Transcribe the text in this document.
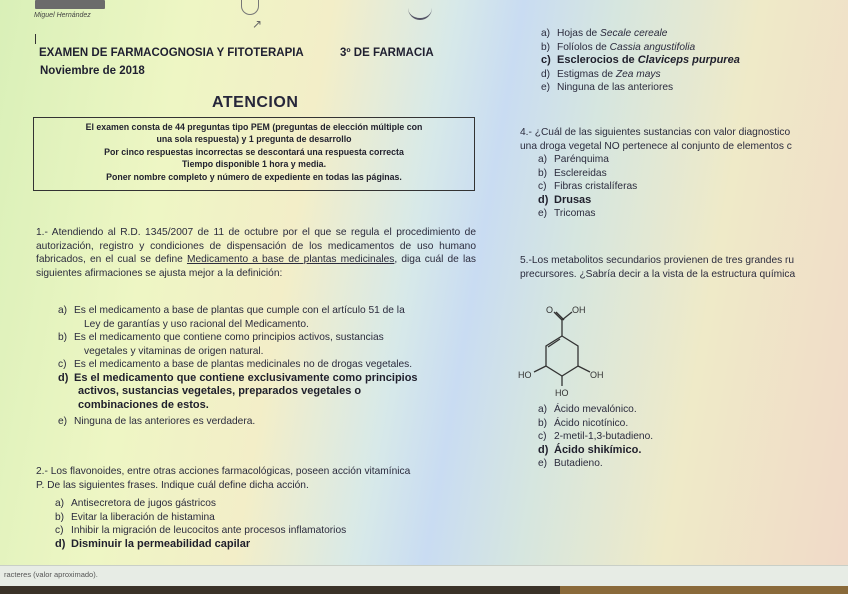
Miguel Hernández
↗
EXAMEN DE FARMACOGNOSIA Y FITOTERAPIA	3º DE FARMACIA
Noviembre de 2018
ATENCION
El examen consta de 44 preguntas tipo PEM (preguntas de elección múltiple con
una sola respuesta) y 1 pregunta de desarrollo
Por cinco respuestas incorrectas se descontará una respuesta correcta
Tiempo disponible 1 hora y media.
Poner nombre completo y número de expediente en todas las páginas.
1.- Atendiendo al R.D. 1345/2007 de 11 de octubre por el que se regula el procedimiento de autorización, registro y condiciones de dispensación de los medicamentos de uso humano fabricados, en el cual se define Medicamento a base de plantas medicinales, diga cuál de las siguientes afirmaciones se ajusta mejor a la definición:
a) Es el medicamento a base de plantas que cumple con el artículo 51 de la
Ley de garantías y uso racional del Medicamento.
b) Es el medicamento que contiene como principios activos, sustancias
vegetales y vitaminas de origen natural.
c) Es el medicamento a base de plantas medicinales no de drogas vegetales.
d) Es el medicamento que contiene exclusivamente como principios
activos, sustancias vegetales, preparados vegetales o
combinaciones de estos.
e) Ninguna de las anteriores es verdadera.
2.- Los flavonoides, entre otras acciones farmacológicas, poseen acción vitamínica
P. De las siguientes frases. Indique cuál define dicha acción.
a) Antisecretora de jugos gástricos
b) Evitar la liberación de histamina
c) Inhibir la migración de leucocitos ante procesos inflamatorios
d) Disminuir la permeabilidad capilar
a) Hojas de Secale cereale
b) Folíolos de Cassia angustifolia
c) Esclerocios de Claviceps purpurea
d) Estigmas de Zea mays
e) Ninguna de las anteriores
4.- ¿Cuál de las siguientes sustancias con valor diagnostico
una droga vegetal NO pertenece al conjunto de elementos c
a) Parénquima
b) Esclereidas
c) Fibras cristalíferas
d) Drusas
e) Tricomas
5.-Los metabolitos secundarios provienen de tres grandes ru
precursores. ¿Sabría decir a la vista de la estructura química
O OH
HO	OH
HO
a) Ácido mevalónico.
b) Ácido nicotínico.
c) 2-metil-1,3-butadieno.
d) Ácido shikímico.
e) Butadieno.
racteres (valor aproximado).
